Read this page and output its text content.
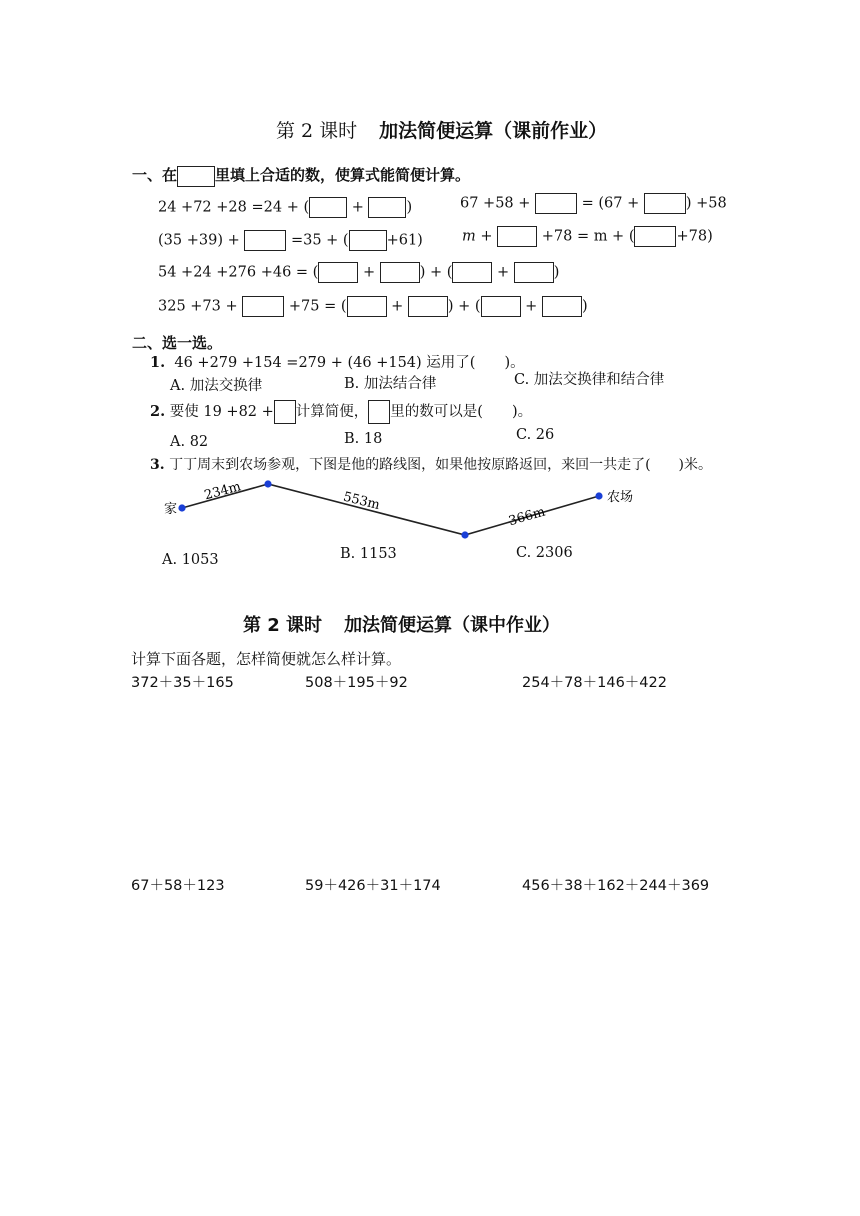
第 2 课时 加法简便运算（课前作业）
一、在	里填上合适的数，使算式能简便计算。
24 +72 +28 =24 + (	+	)	67 +58 +	= (67 +	) +58
(35 +39) +	=35 + (	+61)	m +	+78 = m + (	+78)
54 +24 +276 +46 = (	+	) + (	+	)
325 +73 +	+75 = (	+	) + (	+	)
二、选一选。
1. 46 +279 +154 =279 + (46 +154) 运用了(　　)。
A. 加法交换律	B. 加法结合律	C. 加法交换律和结合律
2. 要使 19 +82 + 计算简便， 里的数可以是(　　)。
A. 82	B. 18	C. 26
3. 丁丁周末到农场参观，下图是他的路线图，如果他按原路返回，来回一共走了(　　)米。
家
农场
234m	553m
366m
A. 1053	B. 1153	C. 2306
第 2 课时 加法简便运算（课中作业）
计算下面各题，怎样简便就怎么样计算。
372＋35＋165	508＋195＋92	254＋78＋146＋422
67＋58＋123	59＋426＋31＋174	456＋38＋162＋244＋369
